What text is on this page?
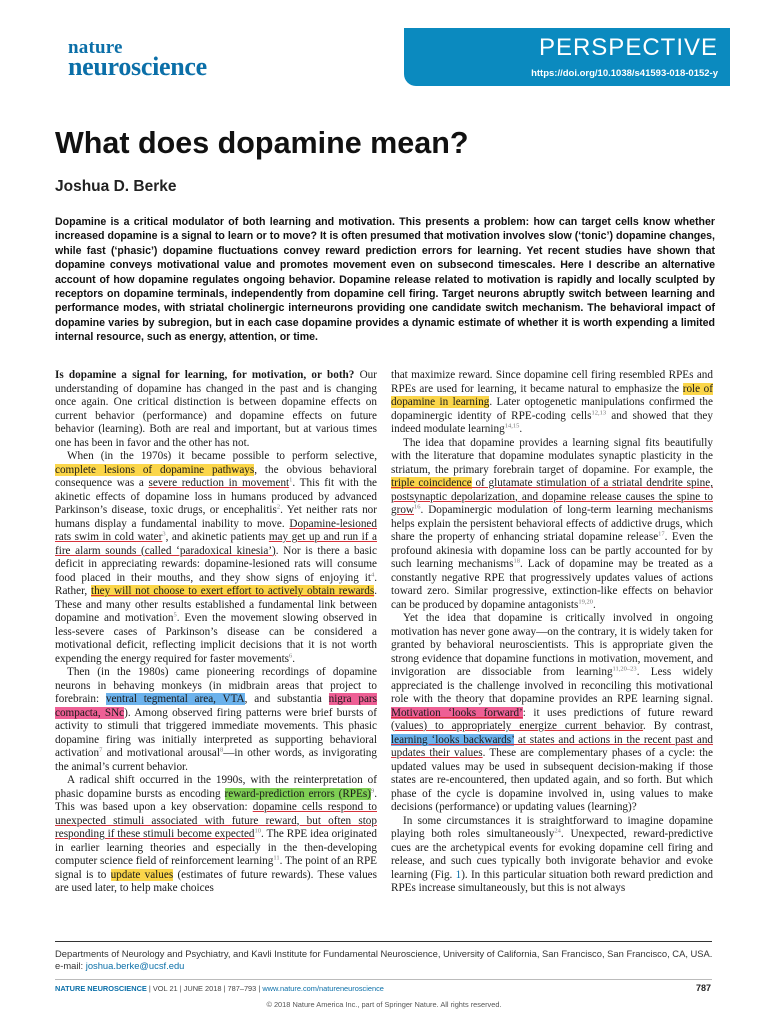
nature
neuroscience
PERSPECTIVE
https://doi.org/10.1038/s41593-018-0152-y
What does dopamine mean?
Joshua D. Berke

Dopamine is a critical modulator of both learning and motivation. This presents a problem: how can target cells know whether increased dopamine is a signal to learn or to move? It is often presumed that motivation involves slow (‘tonic’) dopamine changes, while fast (‘phasic’) dopamine fluctuations convey reward prediction errors for learning. Yet recent studies have shown that dopamine conveys motivational value and promotes movement even on subsecond timescales. Here I describe an alternative account of how dopamine regulates ongoing behavior. Dopamine release related to motivation is rapidly and locally sculpted by receptors on dopamine terminals, independently from dopamine cell firing. Target neurons abruptly switch between learning and performance modes, with striatal cholinergic interneurons providing one candidate switch mechanism. The behavioral impact of dopamine varies by subregion, but in each case dopamine provides a dynamic estimate of whether it is worth expending a limited internal resource, such as energy, attention, or time.

Is dopamine a signal for learning, for motivation, or both? Our understanding of dopamine has changed in the past and is changing once again. One critical distinction is between dopamine effects on current behavior (performance) and dopamine effects on future behavior (learning). Both are real and important, but at various times one has been in favor and the other has not.

When (in the 1970s) it became possible to perform selective, complete lesions of dopamine pathways, the obvious behavioral consequence was a severe reduction in movement$^1$. This fit with the akinetic effects of dopamine loss in humans produced by advanced Parkinson’s disease, toxic drugs, or encephalitis$^2$. Yet neither rats nor humans display a fundamental inability to move. Dopamine-lesioned rats swim in cold water$^3$, and akinetic patients may get up and run if a fire alarm sounds (called ‘paradoxical kinesia’). Nor is there a basic deficit in appreciating rewards: dopamine-lesioned rats will consume food placed in their mouths, and they show signs of enjoying $it^4$. Rather, they will not choose to exert effort to actively obtain rewards. These and many other results established a fundamental link between dopamine and motivation$^5$. Even the movement slowing observed in less-severe cases of Parkinson’s disease can be considered a motivational deficit, reflecting implicit decisions that it is not worth expending the energy required for faster movements$^6$.

Then (in the 1980s) came pioneering recordings of dopamine neurons in behaving monkeys (in midbrain areas that project to forebrain: ventral tegmental area, VTA, and substantia nigra pars compacta, SNc). Among observed firing patterns were brief bursts of activity to stimuli that triggered immediate movements. This phasic dopamine firing was initially interpreted as supporting behavioral activation$^7$ and motivational arousal$^8$—in other words, as invigorating the animal’s current behavior.

A radical shift occurred in the 1990s, with the reinterpretation of phasic dopamine bursts as encoding reward-prediction errors (RPEs)$^9$. This was based upon a key observation: dopamine cells respond to unexpected stimuli associated with future reward, but often stop responding if these stimuli become expected$^{10}$. The RPE idea originated in earlier learning theories and especially in the then-developing computer science field of reinforcement learning$^{11}$. The point of an RPE signal is to update values (estimates of future rewards). These values are used later, to help make choices

that maximize reward. Since dopamine cell firing resembled RPEs and RPEs are used for learning, it became natural to emphasize the role of dopamine in learning. Later optogenetic manipulations confirmed the dopaminergic identity of RPE-coding cells$^{12,13}$ and showed that they indeed modulate learning$^{14,15}$.

The idea that dopamine provides a learning signal fits beautifully with the literature that dopamine modulates synaptic plasticity in the striatum, the primary forebrain target of dopamine. For example, the triple coincidence of glutamate stimulation of a striatal dendrite spine, postsynaptic depolarization, and dopamine release causes the spine to grow$^{16}$. Dopaminergic modulation of long-term learning mechanisms helps explain the persistent behavioral effects of addictive drugs, which share the property of enhancing striatal dopamine release$^{17}$. Even the profound akinesia with dopamine loss can be partly accounted for by such learning mechanisms$^{18}$. Lack of dopamine may be treated as a constantly negative RPE that progressively updates values of actions toward zero. Similar progressive, extinction-like effects on behavior can be produced by dopamine antagonists$^{19,20}$.

Yet the idea that dopamine is critically involved in ongoing motivation has never gone away—on the contrary, it is widely taken for granted by behavioral neuroscientists. This is appropriate given the strong evidence that dopamine functions in motivation, movement, and invigoration are dissociable from learning$^{11,20-23}$. Less widely appreciated is the challenge involved in reconciling this motivational role with the theory that dopamine provides an RPE learning signal. Motivation ‘looks forward’: it uses predictions of future reward (values) to appropriately energize current behavior. By contrast, learning ‘looks backwards’ at states and actions in the recent past and updates their values. These are complementary phases of a cycle: the updated values may be used in subsequent decision-making if those states are re-encountered, then updated again, and so forth. But which phase of the cycle is dopamine involved in, using values to make decisions (performance) or updating values (learning)?

In some circumstances it is straightforward to imagine dopamine playing both roles simultaneously$^{24}$. Unexpected, reward-predictive cues are the archetypical events for evoking dopamine cell firing and release, and such cues typically both invigorate behavior and evoke learning (Fig. 1). In this particular situation both reward prediction and RPEs increase simultaneously, but this is not always

Departments of Neurology and Psychiatry, and Kavli Institute for Fundamental Neuroscience, University of California, San Francisco, San Francisco, CA, USA. e-mail: joshua.berke@ucsf.edu
NATURE NEUROSCIENCE | VOL 21 | JUNE 2018 | 787–793 | www.nature.com/natureneuroscience	787
© 2018 Nature America Inc., part of Springer Nature. All rights reserved.
